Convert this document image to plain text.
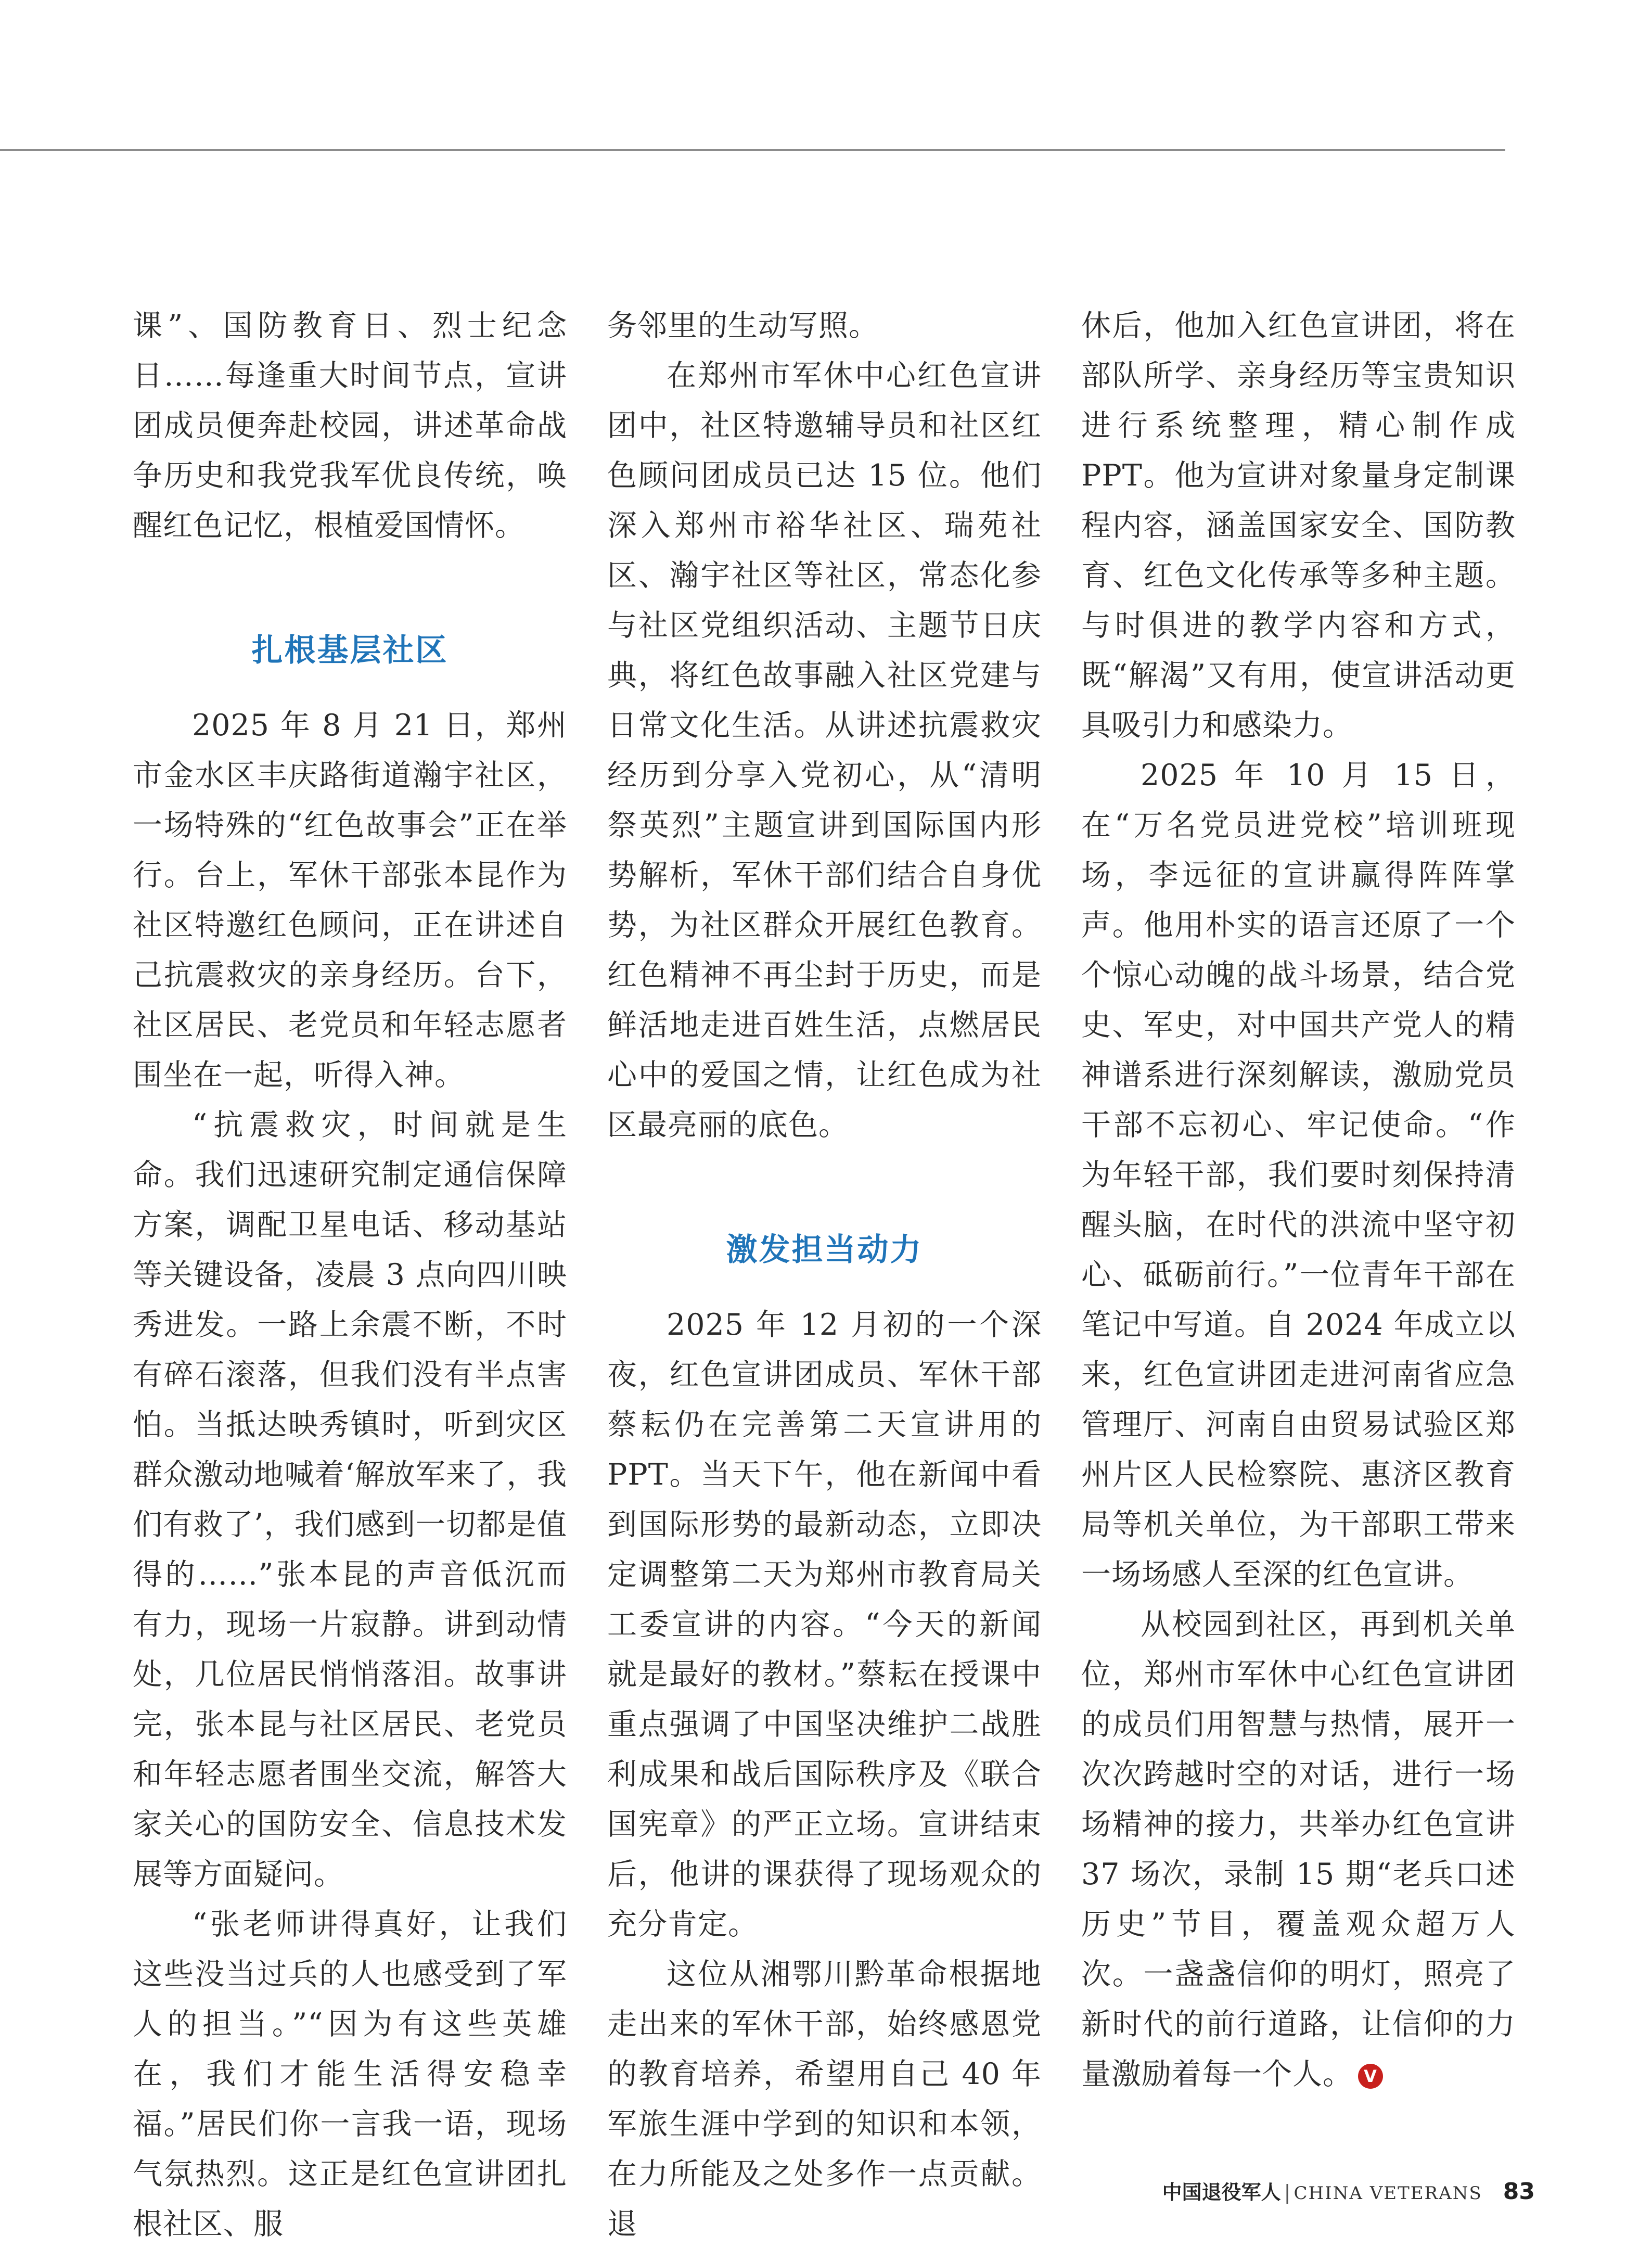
课”、国防教育日、烈士纪念日……每逢重大时间节点，宣讲团成员便奔赴校园，讲述革命战争历史和我党我军优良传统，唤醒红色记忆，根植爱国情怀。

扎根基层社区

2025 年 8 月 21 日，郑州市金水区丰庆路街道瀚宇社区，一场特殊的“红色故事会”正在举行。台上，军休干部张本昆作为社区特邀红色顾问，正在讲述自己抗震救灾的亲身经历。台下，社区居民、老党员和年轻志愿者围坐在一起，听得入神。

“抗震救灾，时间就是生命。我们迅速研究制定通信保障方案，调配卫星电话、移动基站等关键设备，凌晨 3 点向四川映秀进发。一路上余震不断，不时有碎石滚落，但我们没有半点害怕。当抵达映秀镇时，听到灾区群众激动地喊着‘解放军来了，我们有救了’，我们感到一切都是值得的……”张本昆的声音低沉而有力，现场一片寂静。讲到动情处，几位居民悄悄落泪。故事讲完，张本昆与社区居民、老党员和年轻志愿者围坐交流，解答大家关心的国防安全、信息技术发展等方面疑问。

“张老师讲得真好，让我们这些没当过兵的人也感受到了军人的担当。”“因为有这些英雄在，我们才能生活得安稳幸福。”居民们你一言我一语，现场气氛热烈。这正是红色宣讲团扎根社区、服

务邻里的生动写照。

在郑州市军休中心红色宣讲团中，社区特邀辅导员和社区红色顾问团成员已达 15 位。他们深入郑州市裕华社区、瑞苑社区、瀚宇社区等社区，常态化参与社区党组织活动、主题节日庆典，将红色故事融入社区党建与日常文化生活。从讲述抗震救灾经历到分享入党初心，从“清明祭英烈”主题宣讲到国际国内形势解析，军休干部们结合自身优势，为社区群众开展红色教育。红色精神不再尘封于历史，而是鲜活地走进百姓生活，点燃居民心中的爱国之情，让红色成为社区最亮丽的底色。

激发担当动力

2025 年 12 月初的一个深夜，红色宣讲团成员、军休干部蔡耘仍在完善第二天宣讲用的 PPT。当天下午，他在新闻中看到国际形势的最新动态，立即决定调整第二天为郑州市教育局关工委宣讲的内容。“今天的新闻就是最好的教材。”蔡耘在授课中重点强调了中国坚决维护二战胜利成果和战后国际秩序及《联合国宪章》的严正立场。宣讲结束后，他讲的课获得了现场观众的充分肯定。

这位从湘鄂川黔革命根据地走出来的军休干部，始终感恩党的教育培养，希望用自己 40 年军旅生涯中学到的知识和本领，在力所能及之处多作一点贡献。退

休后，他加入红色宣讲团，将在部队所学、亲身经历等宝贵知识进行系统整理，精心制作成 PPT。他为宣讲对象量身定制课程内容，涵盖国家安全、国防教育、红色文化传承等多种主题。与时俱进的教学内容和方式，既“解渴”又有用，使宣讲活动更具吸引力和感染力。

2025 年 10 月 15 日，在“万名党员进党校”培训班现场，李远征的宣讲赢得阵阵掌声。他用朴实的语言还原了一个个惊心动魄的战斗场景，结合党史、军史，对中国共产党人的精神谱系进行深刻解读，激励党员干部不忘初心、牢记使命。“作为年轻干部，我们要时刻保持清醒头脑，在时代的洪流中坚守初心、砥砺前行。”一位青年干部在笔记中写道。自 2024 年成立以来，红色宣讲团走进河南省应急管理厅、河南自由贸易试验区郑州片区人民检察院、惠济区教育局等机关单位，为干部职工带来一场场感人至深的红色宣讲。

从校园到社区，再到机关单位，郑州市军休中心红色宣讲团的成员们用智慧与热情，展开一次次跨越时空的对话，进行一场场精神的接力，共举办红色宣讲 37 场次，录制 15 期“老兵口述历史”节目，覆盖观众超万人次。一盏盏信仰的明灯，照亮了新时代的前行道路，让信仰的力量激励着每一个人。 V

中国退役军人 | CHINA VETERANS 83
